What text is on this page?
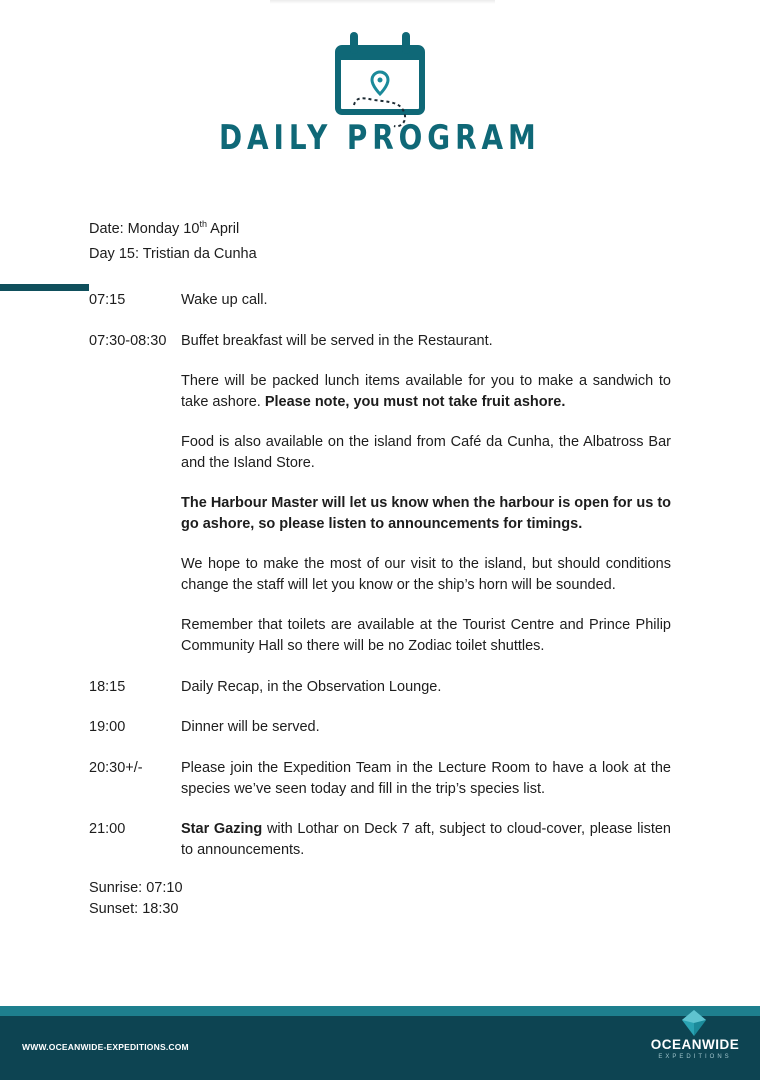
DAILY PROGRAM
Date: Monday 10th April
Day 15: Tristian da Cunha
07:15	Wake up call.
07:30-08:30	Buffet breakfast will be served in the Restaurant.
There will be packed lunch items available for you to make a sandwich to take ashore. Please note, you must not take fruit ashore.
Food is also available on the island from Café da Cunha, the Albatross Bar and the Island Store.
The Harbour Master will let us know when the harbour is open for us to go ashore, so please listen to announcements for timings.
We hope to make the most of our visit to the island, but should conditions change the staff will let you know or the ship’s horn will be sounded.
Remember that toilets are available at the Tourist Centre and Prince Philip Community Hall so there will be no Zodiac toilet shuttles.
18:15	Daily Recap, in the Observation Lounge.
19:00	Dinner will be served.
20:30+/-	Please join the Expedition Team in the Lecture Room to have a look at the species we’ve seen today and fill in the trip’s species list.
21:00	Star Gazing with Lothar on Deck 7 aft, subject to cloud-cover, please listen to announcements.
Sunrise: 07:10
Sunset: 18:30
WWW.OCEANWIDE-EXPEDITIONS.COM	OCEANWIDE
EXPEDITIONS
